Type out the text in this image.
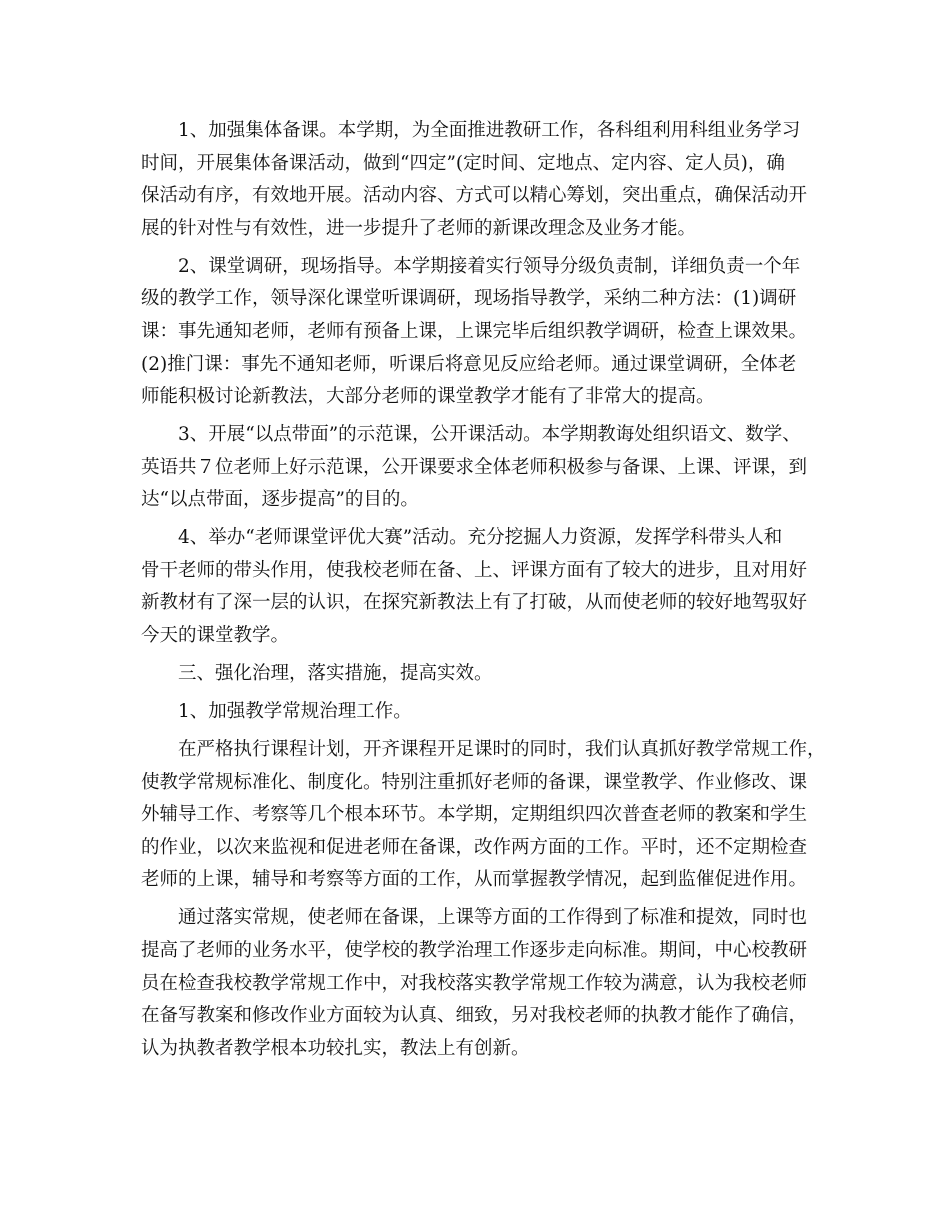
1、加强集体备课。本学期，为全面推进教研工作，各科组利用科组业务学习
时间，开展集体备课活动，做到“四定”(定时间、定地点、定内容、定人员)，确
保活动有序，有效地开展。活动内容、方式可以精心筹划，突出重点，确保活动开
展的针对性与有效性，进一步提升了老师的新课改理念及业务才能。

2、课堂调研，现场指导。本学期接着实行领导分级负责制，详细负责一个年
级的教学工作，领导深化课堂听课调研，现场指导教学，采纳二种方法：(1)调研
课：事先通知老师，老师有预备上课，上课完毕后组织教学调研，检查上课效果。
(2)推门课：事先不通知老师，听课后将意见反应给老师。通过课堂调研，全体老
师能积极讨论新教法，大部分老师的课堂教学才能有了非常大的提高。

3、开展“以点带面”的示范课，公开课活动。本学期教诲处组织语文、数学、
英语共７位老师上好示范课，公开课要求全体老师积极参与备课、上课、评课，到
达“以点带面，逐步提高”的目的。

4、举办“老师课堂评优大赛”活动。充分挖掘人力资源，发挥学科带头人和
骨干老师的带头作用，使我校老师在备、上、评课方面有了较大的进步，且对用好
新教材有了深一层的认识，在探究新教法上有了打破，从而使老师的较好地驾驭好
今天的课堂教学。

三、强化治理，落实措施，提高实效。

1、加强教学常规治理工作。

在严格执行课程计划，开齐课程开足课时的同时，我们认真抓好教学常规工作，
使教学常规标准化、制度化。特别注重抓好老师的备课，课堂教学、作业修改、课
外辅导工作、考察等几个根本环节。本学期，定期组织四次普查老师的教案和学生
的作业，以次来监视和促进老师在备课，改作两方面的工作。平时，还不定期检查
老师的上课，辅导和考察等方面的工作，从而掌握教学情况，起到监催促进作用。

通过落实常规，使老师在备课，上课等方面的工作得到了标准和提效，同时也
提高了老师的业务水平，使学校的教学治理工作逐步走向标准。期间，中心校教研
员在检查我校教学常规工作中，对我校落实教学常规工作较为满意，认为我校老师
在备写教案和修改作业方面较为认真、细致，另对我校老师的执教才能作了确信，
认为执教者教学根本功较扎实，教法上有创新。
